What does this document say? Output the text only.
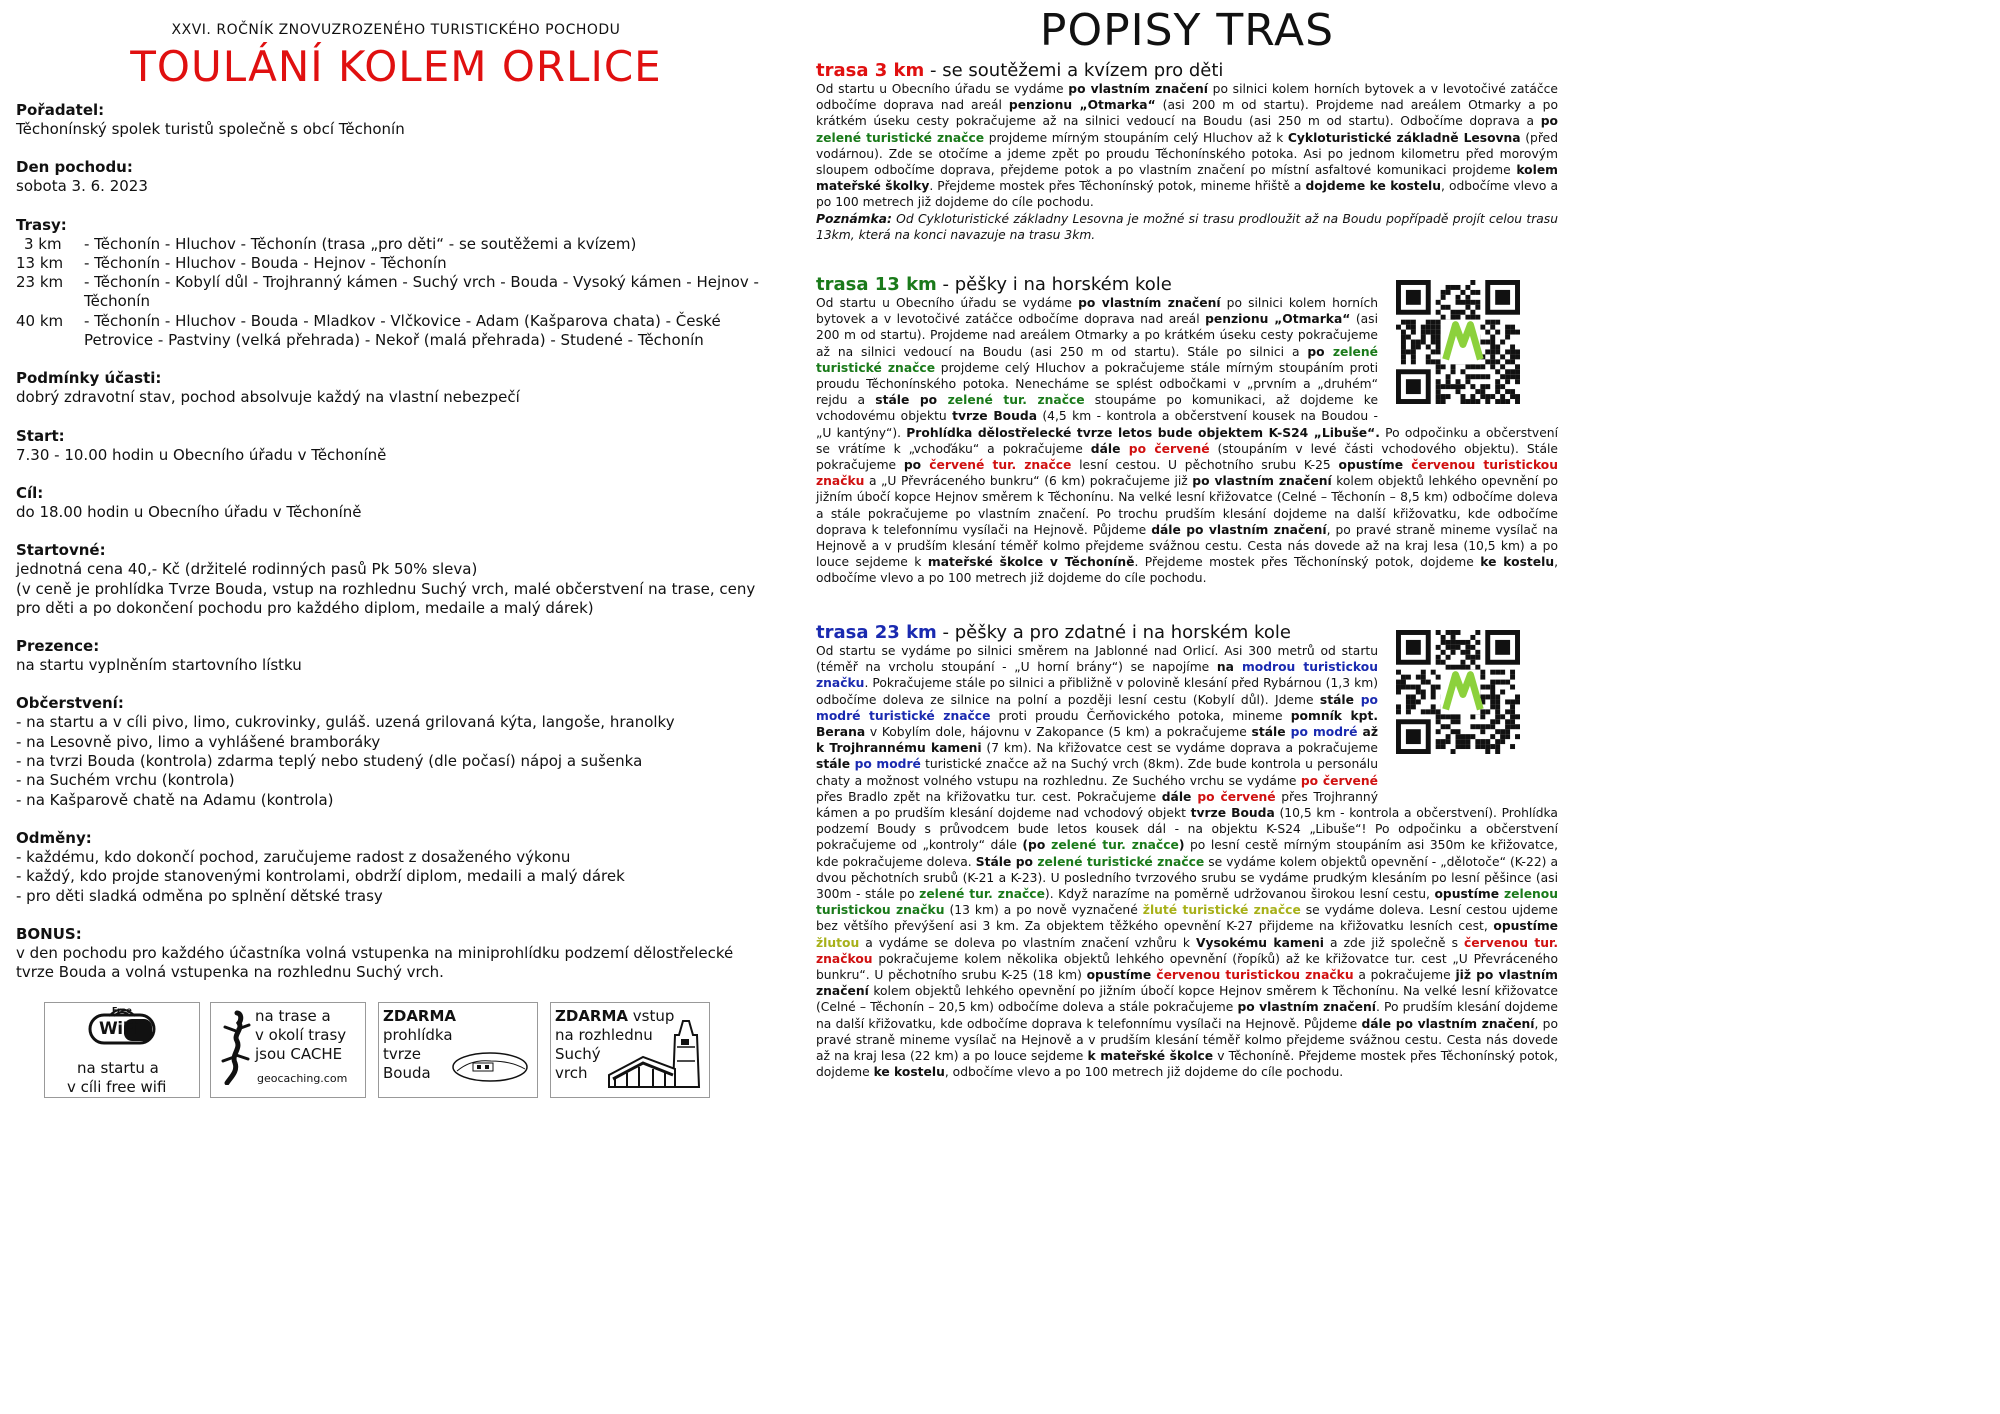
XXVI. ROČNÍK ZNOVUZROZENÉHO TURISTICKÉHO POCHODU
TOULÁNÍ KOLEM ORLICE
Pořadatel:
Těchonínský spolek turistů společně s obcí Těchonín
Den pochodu:
sobota 3. 6. 2023
Trasy:
3 km	- Těchonín - Hluchov - Těchonín (trasa „pro děti“ - se soutěžemi a kvízem)
13 km	- Těchonín - Hluchov - Bouda - Hejnov - Těchonín
23 km	- Těchonín - Kobylí důl - Trojhranný kámen - Suchý vrch - Bouda - Vysoký kámen - Hejnov - Těchonín
40 km	- Těchonín - Hluchov - Bouda - Mladkov - Vlčkovice - Adam (Kašparova chata) - České Petrovice - Pastviny (velká přehrada) - Nekoř (malá přehrada) - Studené - Těchonín
Podmínky účasti:
dobrý zdravotní stav, pochod absolvuje každý na vlastní nebezpečí
Start:
7.30 - 10.00 hodin u Obecního úřadu v Těchoníně
Cíl:
do 18.00 hodin u Obecního úřadu v Těchoníně
Startovné:
jednotná cena 40,- Kč (držitelé rodinných pasů Pk 50% sleva)
(v ceně je prohlídka Tvrze Bouda, vstup na rozhlednu Suchý vrch, malé občerstvení na trase, ceny pro děti a po dokončení pochodu pro každého diplom, medaile a malý dárek)
Prezence:
na startu vyplněním startovního lístku
Občerstvení:
- na startu a v cíli pivo, limo, cukrovinky, guláš. uzená grilovaná kýta, langoše, hranolky
- na Lesovně pivo, limo a vyhlášené bramboráky
- na tvrzi Bouda (kontrola) zdarma teplý nebo studený (dle počasí) nápoj a sušenka
- na Suchém vrchu (kontrola)
- na Kašparově chatě na Adamu (kontrola)
Odměny:
- každému, kdo dokončí pochod, zaručujeme radost z dosaženého výkonu
- každý, kdo projde stanovenými kontrolami, obdrží diplom, medaili a malý dárek
- pro děti sladká odměna po splnění dětské trasy
BONUS:
v den pochodu pro každého účastníka volná vstupenka na miniprohlídku podzemí dělostřelecké tvrze Bouda a volná vstupenka na rozhlednu Suchý vrch.
Free
WiFi
na startu a
v cíli free wifi
na trase a
v okolí trasy
jsou CACHE
geocaching.com
ZDARMA
prohlídka
tvrze
Bouda
ZDARMA vstup
na rozhlednu
Suchý
vrch
POPISY TRAS
trasa 3 km - se soutěžemi a kvízem pro děti

Od startu u Obecního úřadu se vydáme po vlastním značení po silnici kolem horních bytovek a v levotočivé zatáčce odbočíme doprava nad areál penzionu „Otmarka“ (asi 200 m od startu). Projdeme nad areálem Otmarky a po krátkém úseku cesty pokračujeme až na silnici vedoucí na Boudu (asi 250 m od startu). Odbočíme doprava a po zelené turistické značce projdeme mírným stoupáním celý Hluchov až k Cykloturistické základně Lesovna (před vodárnou). Zde se otočíme a jdeme zpět po proudu Těchonínského potoka. Asi po jednom kilometru před morovým sloupem odbočíme doprava, přejdeme potok a po vlastním značení po místní asfaltové komunikaci projdeme kolem mateřské školky. Přejdeme mostek přes Těchonínský potok, mineme hřiště a dojdeme ke kostelu, odbočíme vlevo a po 100 metrech již dojdeme do cíle pochodu.
Poznámka: Od Cykloturistické základny Lesovna je možné si trasu prodloužit až na Boudu popřípadě projít celou trasu 13km, která na konci navazuje na trasu 3km.

trasa 13 km - pěšky i na horském kole

Od startu u Obecního úřadu se vydáme po vlastním značení po silnici kolem horních bytovek a v levotočivé zatáčce odbočíme doprava nad areál penzionu „Otmarka“ (asi 200 m od startu). Projdeme nad areálem Otmarky a po krátkém úseku cesty pokračujeme až na silnici vedoucí na Boudu (asi 250 m od startu). Stále po silnici a po zelené turistické značce projdeme celý Hluchov a pokračujeme stále mírným stoupáním proti proudu Těchonínského potoka. Nenecháme se splést odbočkami v „prvním a „druhém“ rejdu a stále po zelené tur. značce stoupáme po komunikaci, až dojdeme ke vchodovému objektu tvrze Bouda (4,5 km - kontrola a občerstvení kousek na Boudou - „U kantýny“). Prohlídka dělostřelecké tvrze letos bude objektem K-S24 „Libuše“. Po odpočinku a občerstvení se vrátíme k „vchoďáku“ a pokračujeme dále po červené (stoupáním v levé části vchodového objektu). Stále pokračujeme po červené tur. značce lesní cestou. U pěchotního srubu K-25 opustíme červenou turistickou značku a „U Převráceného bunkru“ (6 km) pokračujeme již po vlastním značení kolem objektů lehkého opevnění po jižním úbočí kopce Hejnov směrem k Těchonínu. Na velké lesní křižovatce (Celné – Těchonín – 8,5 km) odbočíme doleva a stále pokračujeme po vlastním značení. Po trochu prudším klesání dojdeme na další křižovatku, kde odbočíme doprava k telefonnímu vysílači na Hejnově. Půjdeme dále po vlastním značení, po pravé straně mineme vysílač na Hejnově a v prudším klesání téměř kolmo přejdeme svážnou cestu. Cesta nás dovede až na kraj lesa (10,5 km) a po louce sejdeme k mateřské školce v Těchoníně. Přejdeme mostek přes Těchonínský potok, dojdeme ke kostelu, odbočíme vlevo a po 100 metrech již dojdeme do cíle pochodu.

trasa 23 km - pěšky a pro zdatné i na horském kole

Od startu se vydáme po silnici směrem na Jablonné nad Orlicí. Asi 300 metrů od startu (téměř na vrcholu stoupání - „U horní brány“) se napojíme na modrou turistickou značku. Pokračujeme stále po silnici a přibližně v polovině klesání před Rybárnou (1,3 km) odbočíme doleva ze silnice na polní a později lesní cestu (Kobylí důl). Jdeme stále po modré turistické značce proti proudu Čerňovického potoka, mineme pomník kpt. Berana v Kobylím dole, hájovnu v Zakopance (5 km) a pokračujeme stále po modré až k Trojhrannému kameni (7 km). Na křižovatce cest se vydáme doprava a pokračujeme stále po modré turistické značce až na Suchý vrch (8km). Zde bude kontrola u personálu chaty a možnost volného vstupu na rozhlednu. Ze Suchého vrchu se vydáme po červené přes Bradlo zpět na křižovatku tur. cest. Pokračujeme dále po červené přes Trojhranný kámen a po prudším klesání dojdeme nad vchodový objekt tvrze Bouda (10,5 km - kontrola a občerstvení). Prohlídka podzemí Boudy s průvodcem bude letos kousek dál - na objektu K-S24 „Libuše“! Po odpočinku a občerstvení pokračujeme od „kontroly“ dále (po zelené tur. značce) po lesní cestě mírným stoupáním asi 350m ke křižovatce, kde pokračujeme doleva. Stále po zelené turistické značce se vydáme kolem objektů opevnění - „dělotoče“ (K-22) a dvou pěchotních srubů (K-21 a K-23). U posledního tvrzového srubu se vydáme prudkým klesáním po lesní pěšince (asi 300m - stále po zelené tur. značce). Když narazíme na poměrně udržovanou širokou lesní cestu, opustíme zelenou turistickou značku (13 km) a po nově vyznačené žluté turistické značce se vydáme doleva. Lesní cestou ujdeme bez většího převýšení asi 3 km. Za objektem těžkého opevnění K-27 přijdeme na křižovatku lesních cest, opustíme žlutou a vydáme se doleva po vlastním značení vzhůru k Vysokému kameni a zde již společně s červenou tur. značkou pokračujeme kolem několika objektů lehkého opevnění (řopíků) až ke křižovatce tur. cest „U Převráceného bunkru“. U pěchotního srubu K-25 (18 km) opustíme červenou turistickou značku a pokračujeme již po vlastním značení kolem objektů lehkého opevnění po jižním úbočí kopce Hejnov směrem k Těchonínu. Na velké lesní křižovatce (Celné – Těchonín – 20,5 km) odbočíme doleva a stále pokračujeme po vlastním značení. Po prudším klesání dojdeme na další křižovatku, kde odbočíme doprava k telefonnímu vysílači na Hejnově. Půjdeme dále po vlastním značení, po pravé straně mineme vysílač na Hejnově a v prudším klesání téměř kolmo přejdeme svážnou cestu. Cesta nás dovede až na kraj lesa (22 km) a po louce sejdeme k mateřské školce v Těchoníně. Přejdeme mostek přes Těchonínský potok, dojdeme ke kostelu, odbočíme vlevo a po 100 metrech již dojdeme do cíle pochodu.
